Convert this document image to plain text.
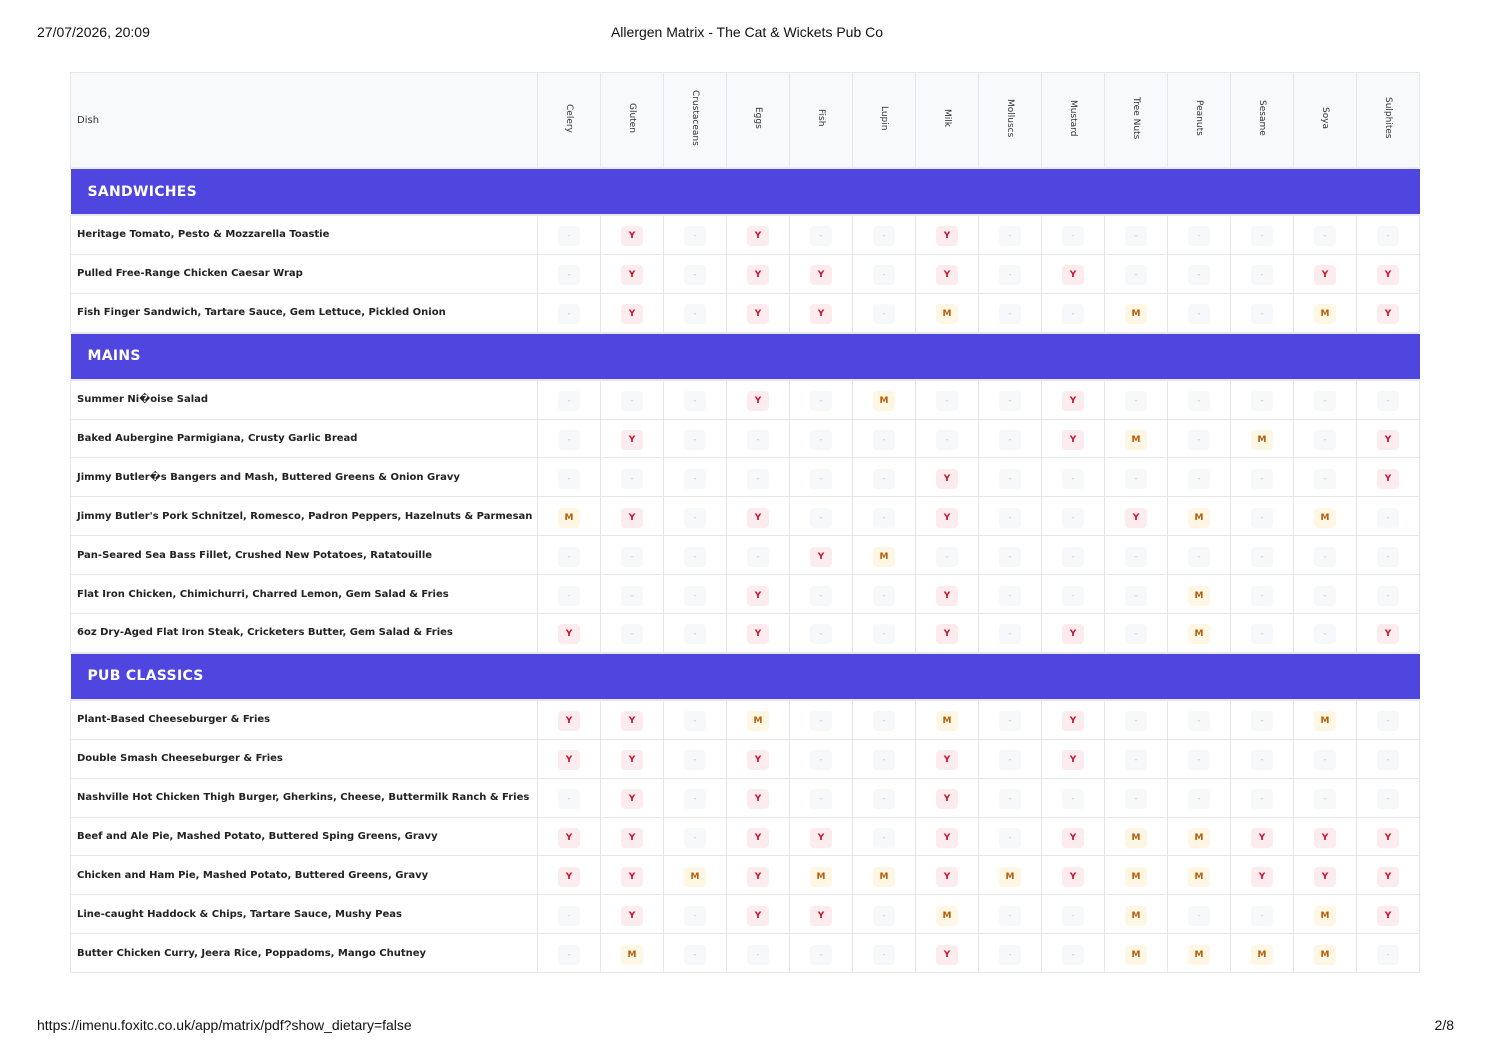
27/07/2026, 20:09	Allergen Matrix - The Cat & Wickets Pub Co
Dish	Celery	Gluten	Crustaceans	Eggs	Fish	Lupin	Milk	Molluscs	Mustard	Tree Nuts	Peanuts	Sesame	Soya	Sulphites
SANDWICHES														
Heritage Tomato, Pesto & Mozzarella Toastie	-	Y	-	Y	-	-	Y	-	-	-	-	-	-	-
Pulled Free-Range Chicken Caesar Wrap	-	Y	-	Y	Y	-	Y	-	Y	-	-	-	Y	Y
Fish Finger Sandwich, Tartare Sauce, Gem Lettuce, Pickled Onion	-	Y	-	Y	Y	-	M	-	-	M	-	-	M	Y
MAINS														
Summer Ni�oise Salad	-	-	-	Y	-	M	-	-	Y	-	-	-	-	-
Baked Aubergine Parmigiana, Crusty Garlic Bread	-	Y	-	-	-	-	-	-	Y	M	-	M	-	Y
Jimmy Butler�s Bangers and Mash, Buttered Greens & Onion Gravy	-	-	-	-	-	-	Y	-	-	-	-	-	-	Y
Jimmy Butler's Pork Schnitzel, Romesco, Padron Peppers, Hazelnuts & Parmesan	M	Y	-	Y	-	-	Y	-	-	Y	M	-	M	-
Pan-Seared Sea Bass Fillet, Crushed New Potatoes, Ratatouille	-	-	-	-	Y	M	-	-	-	-	-	-	-	-
Flat Iron Chicken, Chimichurri, Charred Lemon, Gem Salad & Fries	-	-	-	Y	-	-	Y	-	-	-	M	-	-	-
6oz Dry-Aged Flat Iron Steak, Cricketers Butter, Gem Salad & Fries	Y	-	-	Y	-	-	Y	-	Y	-	M	-	-	Y
PUB CLASSICS														
Plant-Based Cheeseburger & Fries	Y	Y	-	M	-	-	M	-	Y	-	-	-	M	-
Double Smash Cheeseburger & Fries	Y	Y	-	Y	-	-	Y	-	Y	-	-	-	-	-
Nashville Hot Chicken Thigh Burger, Gherkins, Cheese, Buttermilk Ranch & Fries	-	Y	-	Y	-	-	Y	-	-	-	-	-	-	-
Beef and Ale Pie, Mashed Potato, Buttered Sping Greens, Gravy	Y	Y	-	Y	Y	-	Y	-	Y	M	M	Y	Y	Y
Chicken and Ham Pie, Mashed Potato, Buttered Greens, Gravy	Y	Y	M	Y	M	M	Y	M	Y	M	M	Y	Y	Y
Line-caught Haddock & Chips, Tartare Sauce, Mushy Peas	-	Y	-	Y	Y	-	M	-	-	M	-	-	M	Y
Butter Chicken Curry, Jeera Rice, Poppadoms, Mango Chutney	-	M	-	-	-	-	Y	-	-	M	M	M	M	-
https://imenu.foxitc.co.uk/app/matrix/pdf?show_dietary=false	2/8
